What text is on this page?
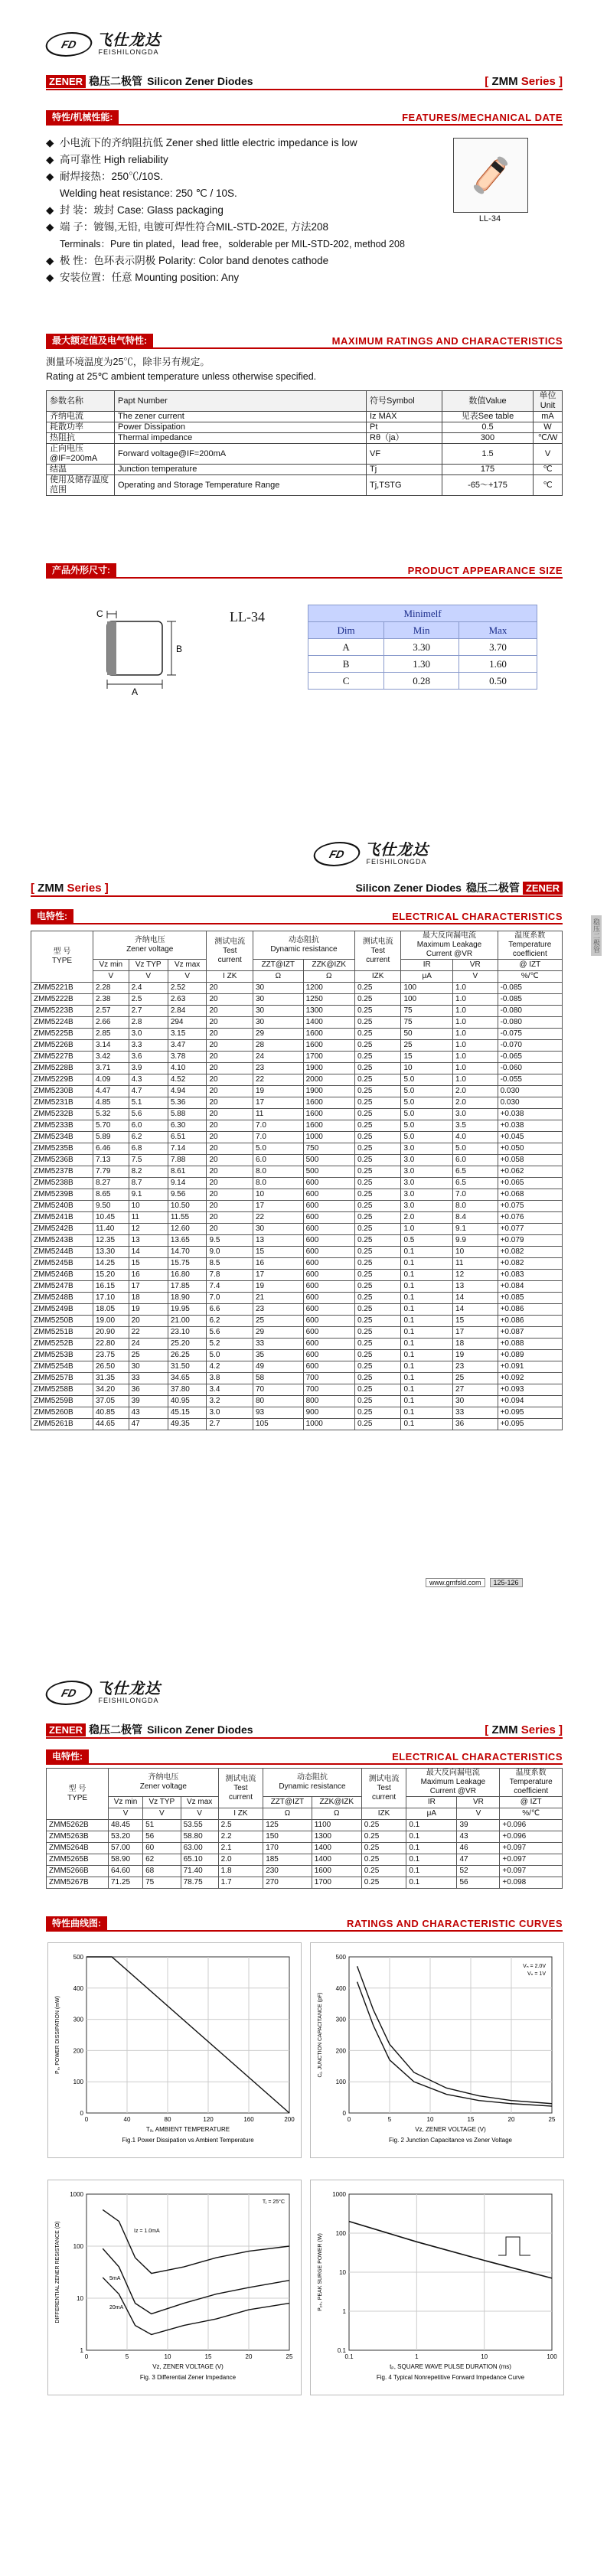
FD	飞仕龙达
FEISHILONGDA
ZENER 稳压二极管 Silicon Zener Diodes	[ ZMM Series ]
特性/机械性能:	FEATURES/MECHANICAL DATE
◆ 小电流下的齐纳阻抗低 Zener shed little electric impedance is low
◆ 高可靠性 High reliability
◆ 耐焊接热：250℃/10S.
Welding heat resistance: 250 ℃ / 10S.
◆ 封 装：玻封 Case: Glass packaging
◆ 端 子：镀锡,无铅, 电镀可焊性符合MIL-STD-202E, 方法208
Terminals：Pure tin plated，lead free，solderable per MIL-STD-202, method 208
◆ 极 性：色环表示阴极 Polarity: Color band denotes cathode
◆ 安装位置：任意 Mounting position: Any
LL-34
最大额定值及电气特性:	MAXIMUM RATINGS AND CHARACTERISTICS
测量环境温度为25℃，除非另有规定。
Rating at 25℃ ambient temperature unless otherwise specified.
参数名称	Papt Number	符号Symbol	数值Value	单位Unit
齐纳电流	The zener current	Iz MAX	见表See table	mA
耗散功率	Power Dissipation	Pt	0.5	W
热阻抗	Thermal impedance	Rθ（ja）	300	℃/W
正向电压@IF=200mA	Forward voltage@IF=200mA	VF	1.5	V
结温	Junction temperature	Tj	175	℃
使用及储存温度范围	Operating and Storage Temperature Range	Tj,TSTG	-65～+175	℃
产品外形尺寸:	PRODUCT APPEARANCE SIZE
C
B
A
LL-34	Minimelf		
Dim	Min	Max
A	3.30	3.70
B	1.30	1.60
C	0.28	0.50
FD	飞仕龙达
FEISHILONGDA
[ ZMM Series ]	Silicon Zener Diodes 稳压二极管 ZENER
稳压二极管
电特性:	ELECTRICAL CHARACTERISTICS
型 号
TYPE	齐纳电压
Zener voltage			测试电流
Test
current	动态阻抗
Dynamic resistance		测试电流
Test
current	最大反向漏电流
Maximum Leakage
Current @VR		温度系数
Temperature
coefficient
	Vz min	Vz TYP	Vz max		ZZT@IZT	ZZK@IZK		IR	VR	@ IZT
	V	V	V	I ZK	Ω	Ω	IZK	μA	V	%/℃
ZMM5221B	2.28	2.4	2.52	20	30	1200	0.25	100	1.0	-0.085
ZMM5222B	2.38	2.5	2.63	20	30	1250	0.25	100	1.0	-0.085
ZMM5223B	2.57	2.7	2.84	20	30	1300	0.25	75	1.0	-0.080
ZMM5224B	2.66	2.8	294	20	30	1400	0.25	75	1.0	-0.080
ZMM5225B	2.85	3.0	3.15	20	29	1600	0.25	50	1.0	-0.075
ZMM5226B	3.14	3.3	3.47	20	28	1600	0.25	25	1.0	-0.070
ZMM5227B	3.42	3.6	3.78	20	24	1700	0.25	15	1.0	-0.065
ZMM5228B	3.71	3.9	4.10	20	23	1900	0.25	10	1.0	-0.060
ZMM5229B	4.09	4.3	4.52	20	22	2000	0.25	5.0	1.0	-0.055
ZMM5230B	4.47	4.7	4.94	20	19	1900	0.25	5.0	2.0	0.030
ZMM5231B	4.85	5.1	5.36	20	17	1600	0.25	5.0	2.0	0.030
ZMM5232B	5.32	5.6	5.88	20	11	1600	0.25	5.0	3.0	+0.038
ZMM5233B	5.70	6.0	6.30	20	7.0	1600	0.25	5.0	3.5	+0.038
ZMM5234B	5.89	6.2	6.51	20	7.0	1000	0.25	5.0	4.0	+0.045
ZMM5235B	6.46	6.8	7.14	20	5.0	750	0.25	3.0	5.0	+0.050
ZMM5236B	7.13	7.5	7.88	20	6.0	500	0.25	3.0	6.0	+0.058
ZMM5237B	7.79	8.2	8.61	20	8.0	500	0.25	3.0	6.5	+0.062
ZMM5238B	8.27	8.7	9.14	20	8.0	600	0.25	3.0	6.5	+0.065
ZMM5239B	8.65	9.1	9.56	20	10	600	0.25	3.0	7.0	+0.068
ZMM5240B	9.50	10	10.50	20	17	600	0.25	3.0	8.0	+0.075
ZMM5241B	10.45	11	11.55	20	22	600	0.25	2.0	8.4	+0.076
ZMM5242B	11.40	12	12.60	20	30	600	0.25	1.0	9.1	+0.077
ZMM5243B	12.35	13	13.65	9.5	13	600	0.25	0.5	9.9	+0.079
ZMM5244B	13.30	14	14.70	9.0	15	600	0.25	0.1	10	+0.082
ZMM5245B	14.25	15	15.75	8.5	16	600	0.25	0.1	11	+0.082
ZMM5246B	15.20	16	16.80	7.8	17	600	0.25	0.1	12	+0.083
ZMM5247B	16.15	17	17.85	7.4	19	600	0.25	0.1	13	+0.084
ZMM5248B	17.10	18	18.90	7.0	21	600	0.25	0.1	14	+0.085
ZMM5249B	18.05	19	19.95	6.6	23	600	0.25	0.1	14	+0.086
ZMM5250B	19.00	20	21.00	6.2	25	600	0.25	0.1	15	+0.086
ZMM5251B	20.90	22	23.10	5.6	29	600	0.25	0.1	17	+0.087
ZMM5252B	22.80	24	25.20	5.2	33	600	0.25	0.1	18	+0.088
ZMM5253B	23.75	25	26.25	5.0	35	600	0.25	0.1	19	+0.089
ZMM5254B	26.50	30	31.50	4.2	49	600	0.25	0.1	23	+0.091
ZMM5257B	31.35	33	34.65	3.8	58	700	0.25	0.1	25	+0.092
ZMM5258B	34.20	36	37.80	3.4	70	700	0.25	0.1	27	+0.093
ZMM5259B	37.05	39	40.95	3.2	80	800	0.25	0.1	30	+0.094
ZMM5260B	40.85	43	45.15	3.0	93	900	0.25	0.1	33	+0.095
ZMM5261B	44.65	47	49.35	2.7	105	1000	0.25	0.1	36	+0.095
www.gmfsld.com	125-126
FD	飞仕龙达
FEISHILONGDA
ZENER 稳压二极管 Silicon Zener Diodes	[ ZMM Series ]
电特性:	ELECTRICAL CHARACTERISTICS
型 号
TYPE	齐纳电压
Zener voltage			测试电流
Test
current	动态阻抗
Dynamic resistance		测试电流
Test
current	最大反向漏电流
Maximum Leakage
Current @VR		温度系数
Temperature
coefficient
	Vz min	Vz TYP	Vz max		ZZT@IZT	ZZK@IZK		IR	VR	@ IZT
	V	V	V	I ZK	Ω	Ω	IZK	μA	V	%/℃
ZMM5262B	48.45	51	53.55	2.5	125	1100	0.25	0.1	39	+0.096
ZMM5263B	53.20	56	58.80	2.2	150	1300	0.25	0.1	43	+0.096
ZMM5264B	57.00	60	63.00	2.1	170	1400	0.25	0.1	46	+0.097
ZMM5265B	58.90	62	65.10	2.0	185	1400	0.25	0.1	47	+0.097
ZMM5266B	64.60	68	71.40	1.8	230	1600	0.25	0.1	52	+0.097
ZMM5267B	71.25	75	78.75	1.7	270	1700	0.25	0.1	56	+0.098
特性曲线图:	RATINGS AND CHARACTERISTIC CURVES
0	40	80	120	160	200
0
100
200
300
400
500
Tₐ, AMBIENT TEMPERATURE
Pₐ, POWER DISSIPATION (mW)
Fig.1 Power Dissipation vs Ambient Temperature
0	5	10	15	20	25
0
100
200
300
400
500
Vz, ZENER VOLTAGE (V)
Cⱼ, JUNCTION CAPACITANCE (pF)
Fig. 2 Junction Capacitance vs Zener Voltage
Vₙ = 2.0V
Vₙ = 1V
0	5	10	15	20	25
1
10
100
1000
Vz, ZENER VOLTAGE (V)
DIFFERENTIAL ZENER RESISTANCE (Ω)
Fig. 3 Differential Zener Impedance
Tⱼ = 25°C
Iz = 1.0mA
5mA
20mA
0.1	1	10	100
0.1
1
10
100
1000
tₚ, SQUARE WAVE PULSE DURATION (ms)
Pₚₖ, PEAK SURGE POWER (W)
Fig. 4 Typical Nonrepetitive Forward Impedance Curve
